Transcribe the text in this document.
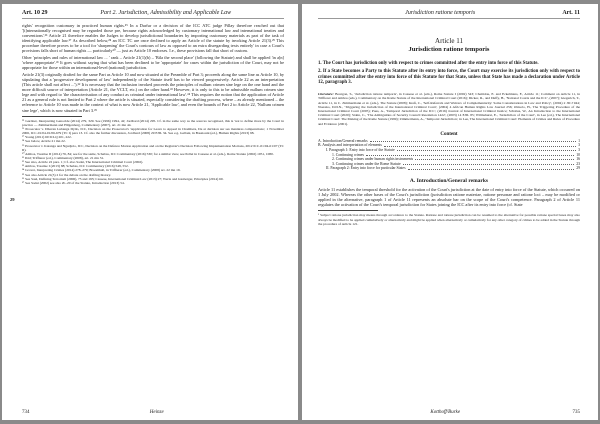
Art. 10 29	Part 2. Jurisdiction, Admissibility and Applicable Law
29

rights' recognition customary in practiced human rights.²⁵ In a Darfur or a decision of the ICC ATC judge Pillay therefore reached out that '[i]nternationally recognised may be regarded those pre, because rights acknowledged by customary international law and international treaties and conventions'.²⁶ Article 21 therefore enables the Judges to develop jurisdictional boundaries by importing customary materials as part of the task of identifying applicable law.²⁷ As described below,²⁸ an ICC TC are once declined to apply an Article of the statute by invoking Article 21(3).²⁹ This procedure therefore proves to be a tool for 'sharpening' the Court's contours of law as opposed to an extra disregarding texts entirely' in case a Court's provisions falls short of human rights — particularly³⁰ — just as Article 10 endorses. I.e., these provisions fall that short of custom.

Other 'principles and rules of international law ... ' rank – Article 21(1)(b) – 'Bila the second place' (following the Statute) and shall be applied 'in a[n] 'where appropriate'.³¹ It goes without saying that what has been declined to be 'appropriate' for cases within the jurisdiction of the Court, may not be appropriate for those within an international-level (national) jurisdiction.

Article 21(3) originally drafted for the same Part as Article 10 and now situated at the Preamble of Part 3; proceeds along the same line as Article 10, by stipulating that a 'progressive development of law' independently of the Statute itself has to be viewed progressively. Article 22 as an interpretation (This article shall not affect ...').³² It is necessary that the inclusion invoked proceeds the principles of nullum crimen sine lege on the one hand and the more difficult source of interpretation (Article 21, the VCLT, etc.) on the other hand.³³ However, it is only to this to be admissible nullum crimen sine lege and with regard to 'the characterisation of any conduct as criminal under international law'.³⁴ This requires the notion that the application of Article 21 as a general rule is not limited to Part 2 where the article is situated, especially considering the drafting process, where – as already mentioned – the reference to Article 10 was made in the context of what is now Article 21, 'Applicable law', and even the bounds of Part 2 to Article 22, 'Nullum crimen sine lege', which is now situated in Part 3.³⁵

²⁵ Gardner, Interpreting Genocide (2014) 279, 329. See (1996) 1994, 42; Jordbard (2014) 295. Cf. in the same way as the sources recognised, this is 'not to define more by the Court in practice — Zimmermann and Hilgenberg, Commentary (2007), art. 21 mn 44.

²⁶ Prosecutor v. Dhavan Lubanga Dyilo, ICC, Decision on the Prosecutor's 'Application for Leave to Appeal in Chambers, De ar décision sur ses manières comparutions', 1 November 2006, ICC-01/04-01/06-679 (TC I) para 13. Cf. also the further discussion, Jordbard (2008) 29 EJIL 34. See e.g. Gallant, in Bassiouni (ed.), Human Rights (2013) 98.

²⁷ Young (2011) 60 ICLQ 201, 222.

²⁸ See below, Article 21 mn 22.

²⁹ Prosecutor v. Katanga and Ngudjolo, ICC, Decision on the Defence Motion Application and on the Registrar's Decision Following Implementation Motions, 2012 ICC-01/04-01/07 (TC II).

³⁰ Ambos, Treatise II (2014) 76, 84; see for the same, Schabas, ICC Commentary (2016) 530; for a similar view, see Pellet in Cassese et al. (eds.), Rome Statute (2002) 1051, 1080.

³¹ Ibid; Triffterer (ed.), Commentary (2008), art. 21 mn 31.

³² See also, Article 22 para. 1; Cf. also Sadat, The International Criminal Court (2002).

³³ Ambos, Treatise I (2013) 88; Schabas, ICC Commentary (2016) 548, 552.

³⁴ Grover, Interpreting Crimes (2014) 278–279; Broomhall, in Triffterer (ed.), Commentary (2008) art. 22 mn 19.

³⁵ See also Article 21(3) 2 for the debate on the drafting history.

³⁶ See Saul, Defining Terrorism (2006), 75 and 193; Cassese, International Criminal Law (2013) 27; Werle and Jessberger, Principles (2014) 60.

³⁷ See Sadat (2002) see also 2b–20 of the Statute, Introduction (2013) 54.

734	Heinze
Jurisdiction ratione temporis	Art. 11
Article 11
Jurisdiction ratione temporis

1. The Court has jurisdiction only with respect to crimes committed after the entry into force of this Statute.

2. If a State becomes a Party to this Statute after its entry into force, the Court may exercise its jurisdiction only with respect to crimes committed after the entry into force of this Statute for that State, unless that State has made a declaration under Article 12, paragraph 3.

Literature: Bourgon, S., 'Jurisdiction ratione temporis', in Cassese et al. (eds.), Rome Statute I (2002) 543; Chaitidou, E. and Eckelmans, F., Article 11; Comment on Article 11, in Triffterer and Ambos (eds.), Commentary on the Rome Statute of the International Criminal Court (2016); Dicker, R., and Duffy, H., 'National Courts and the ICC', (2007); Giegerich, T., Article 11, in C. Zimmermann et al. (eds.), The Statute (2008); Kreß, C., 'Self-Referrals and Waivers of Complementarity: Some Considerations in Law and Policy', (2004) 2 JICJ 944; Nsereko, D.D.N., 'Triggering the Jurisdiction of the International Criminal Court', (2004) 4 African Human Rights Law Journal 256; Olásolo, H., The Triggering Procedure of the International Criminal Court (2005); Pues, A., 'Temporal Jurisdiction of the ICC', (2016) Journal of International Criminal Justice; Schabas, W., An Introduction to the International Criminal Court (2020); Stahn, C., 'The Ambiguities of Security Council Resolution 1422', (2003) 14 EJIL 85; Wilmshurst, E., 'Jurisdiction of the Court', in Lee (ed.), The International Criminal Court: The Making of the Rome Statute (1999); Zimmermann, A., 'Temporal Jurisdiction', in Lee, The International Criminal Court: Elements of Crimes and Rules of Procedure and Evidence (2001).
Content
A. Introduction/General remarks	1
B. Analysis and interpretation of elements	3
I. Paragraph 1: Entry into force of the Statute	3
1. Continuing crimes	10
2. Continuing crimes under human rights instruments	16
3. Continuing crimes under the Rome Statute	23
II. Paragraph 2: Entry into force for particular States	29
A. Introduction/General remarks

Article 11 establishes the temporal threshold for the activation of the Court's jurisdiction at the date of entry into force of the Statute, which occurred on 1 July 2002. Whereas the other bases of the Court's jurisdiction (jurisdiction ratione materiae, ratione personae and ratione loci – may be modified or applied in the alternative, paragraph 1 of Article 11 represents an absolute bar on the scope of the Court's competence. Paragraph 2 of Article 11 regulates the activation of the Court's temporal jurisdiction for States joining the ICC after its entry into force (cf. State

¹ Subject ratione jurisdiction may means through accordance to the Statute. Ratione and ratione jurisdiction can be resumed to the alternative for possible ratione special bases may also always be modified to be applied cumulatively or alternatively and might be applied when alternatively or cumulatively for any other category of crimes to be added in the Statute through the procedure of Article 121.

Kotthoff/Burke	735
